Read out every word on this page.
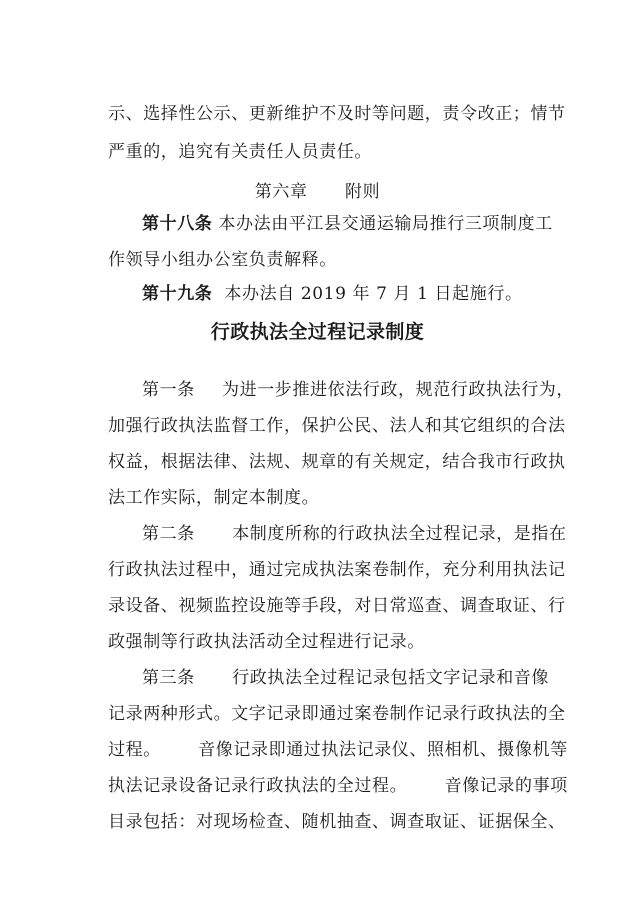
示、选择性公示、更新维护不及时等问题，责令改正；情节
严重的，追究有关责任人员责任。
第六章 附则
第十八条 本办法由平江县交通运输局推行三项制度工
作领导小组办公室负责解释。
第十九条 本办法自 2019 年 7 月 1 日起施行。
行政执法全过程记录制度
第一条 为进一步推进依法行政，规范行政执法行为，
加强行政执法监督工作，保护公民、法人和其它组织的合法
权益，根据法律、法规、规章的有关规定，结合我市行政执
法工作实际，制定本制度。
第二条 本制度所称的行政执法全过程记录，是指在
行政执法过程中，通过完成执法案卷制作，充分利用执法记
录设备、视频监控设施等手段，对日常巡查、调查取证、行
政强制等行政执法活动全过程进行记录。
第三条 行政执法全过程记录包括文字记录和音像
记录两种形式。文字记录即通过案卷制作记录行政执法的全
过程。 音像记录即通过执法记录仪、照相机、摄像机等
执法记录设备记录行政执法的全过程。 音像记录的事项
目录包括：对现场检查、随机抽查、调查取证、证据保全、
